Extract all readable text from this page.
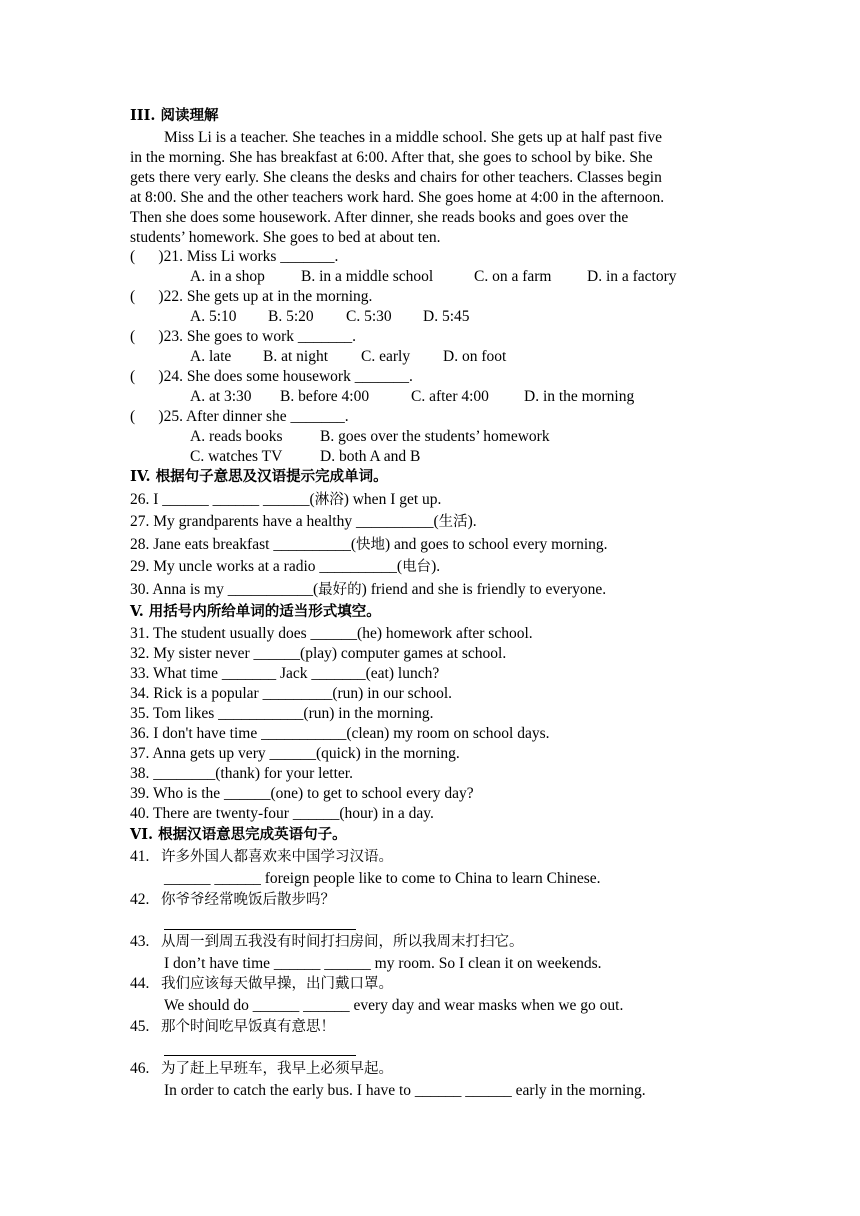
III. 阅读理解
Miss Li is a teacher. She teaches in a middle school. She gets up at half past five
in the morning. She has breakfast at 6:00. After that, she goes to school by bike. She
gets there very early. She cleans the desks and chairs for other teachers. Classes begin
at 8:00. She and the other teachers work hard. She goes home at 4:00 in the afternoon.
Then she does some housework. After dinner, she reads books and goes over the
students’ homework. She goes to bed at about ten.
(      )21. Miss Li works _______.
A. in a shop B. in a middle school	C. on a farm D. in a factory
(      )22. She gets up at in the morning.
A. 5:10 B. 5:20 C. 5:30 D. 5:45
(      )23. She goes to work _______.
A. late B. at night C. early D. on foot
(      )24. She does some housework _______.
A. at 3:30 B. before 4:00	C. after 4:00 D. in the morning
(      )25. After dinner she _______.
A. reads books B. goes over the students’ homework
C. watches TV D. both A and B
IV. 根据句子意思及汉语提示完成单词。
26. I ______ ______ ______(淋浴) when I get up.
27. My grandparents have a healthy __________(生活).
28. Jane eats breakfast __________(快地) and goes to school every morning.
29. My uncle works at a radio __________(电台).
30. Anna is my ___________(最好的) friend and she is friendly to everyone.
V. 用括号内所给单词的适当形式填空。
31. The student usually does ______(he) homework after school.
32. My sister never ______(play) computer games at school.
33. What time _______ Jack _______(eat) lunch?
34. Rick is a popular _________(run) in our school.
35. Tom likes ___________(run) in the morning.
36. I don't have time ___________(clean) my room on school days.
37. Anna gets up very ______(quick) in the morning.
38. ________(thank) for your letter.
39. Who is the ______(one) to get to school every day?
40. There are twenty-four ______(hour) in a day.
VI. 根据汉语意思完成英语句子。
41. 许多外国人都喜欢来中国学习汉语。
______ ______ foreign people like to come to China to learn Chinese.
42. 你爷爷经常晚饭后散步吗？
43. 从周一到周五我没有时间打扫房间，所以我周末打扫它。
I don’t have time ______ ______ my room. So I clean it on weekends.
44. 我们应该每天做早操，出门戴口罩。
We should do ______ ______ every day and wear masks when we go out.
45. 那个时间吃早饭真有意思！
46. 为了赶上早班车，我早上必须早起。
In order to catch the early bus. I have to ______ ______ early in the morning.
